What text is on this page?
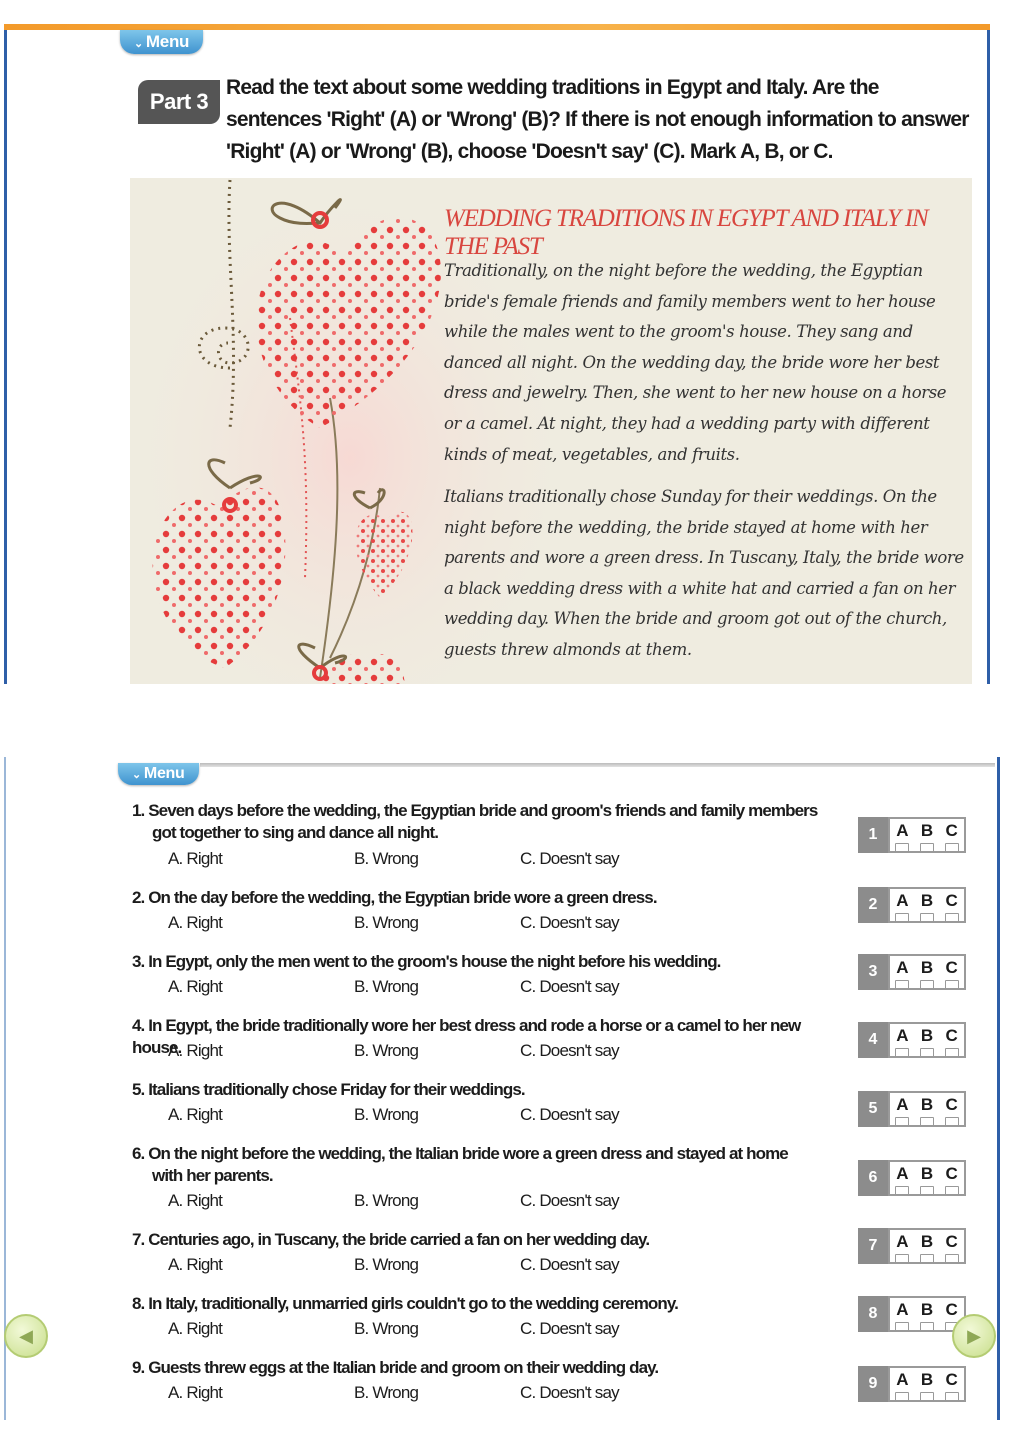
⌄ Menu
Part 3
Read the text about some wedding traditions in Egypt and Italy. Are the sentences 'Right' (A) or 'Wrong' (B)? If there is not enough information to answer 'Right' (A) or 'Wrong' (B), choose 'Doesn't say' (C). Mark A, B, or C.
WEDDING TRADITIONS IN EGYPT AND ITALY IN THE PAST
Traditionally, on the night before the wedding, the Egyptian bride's female friends and family members went to her house while the males went to the groom's house. They sang and danced all night. On the wedding day, the bride wore her best dress and jewelry. Then, she went to her new house on a horse or a camel. At night, they had a wedding party with different kinds of meat, vegetables, and fruits.
Italians traditionally chose Sunday for their weddings. On the night before the wedding, the bride stayed at home with her parents and wore a green dress. In Tuscany, Italy, the bride wore a black wedding dress with a white hat and carried a fan on her wedding day. When the bride and groom got out of the church, guests threw almonds at them.
⌄ Menu
1. Seven days before the wedding, the Egyptian bride and groom's friends and family members
got together to sing and dance all night.
A. Right	B. Wrong	C. Doesn't say
1	A B C
2. On the day before the wedding, the Egyptian bride wore a green dress.
A. Right	B. Wrong	C. Doesn't say
2	A B C
3. In Egypt, only the men went to the groom's house the night before his wedding.
A. Right	B. Wrong	C. Doesn't say
3	A B C
4. In Egypt, the bride traditionally wore her best dress and rode a horse or a camel to her new house.
A. Right	B. Wrong	C. Doesn't say
4	A B C
5. Italians traditionally chose Friday for their weddings.
A. Right	B. Wrong	C. Doesn't say	5	A B C
6. On the night before the wedding, the Italian bride wore a green dress and stayed at home
with her parents.
A. Right	B. Wrong	C. Doesn't say
6	A B C
7. Centuries ago, in Tuscany, the bride carried a fan on her wedding day.
A. Right	B. Wrong	C. Doesn't say
7	A B C
8. In Italy, traditionally, unmarried girls couldn't go to the wedding ceremony.
A. Right	B. Wrong	C. Doesn't say
8	A B C
9. Guests threw eggs at the Italian bride and groom on their wedding day.
A. Right	B. Wrong	C. Doesn't say	9	A B C
◀	▶
